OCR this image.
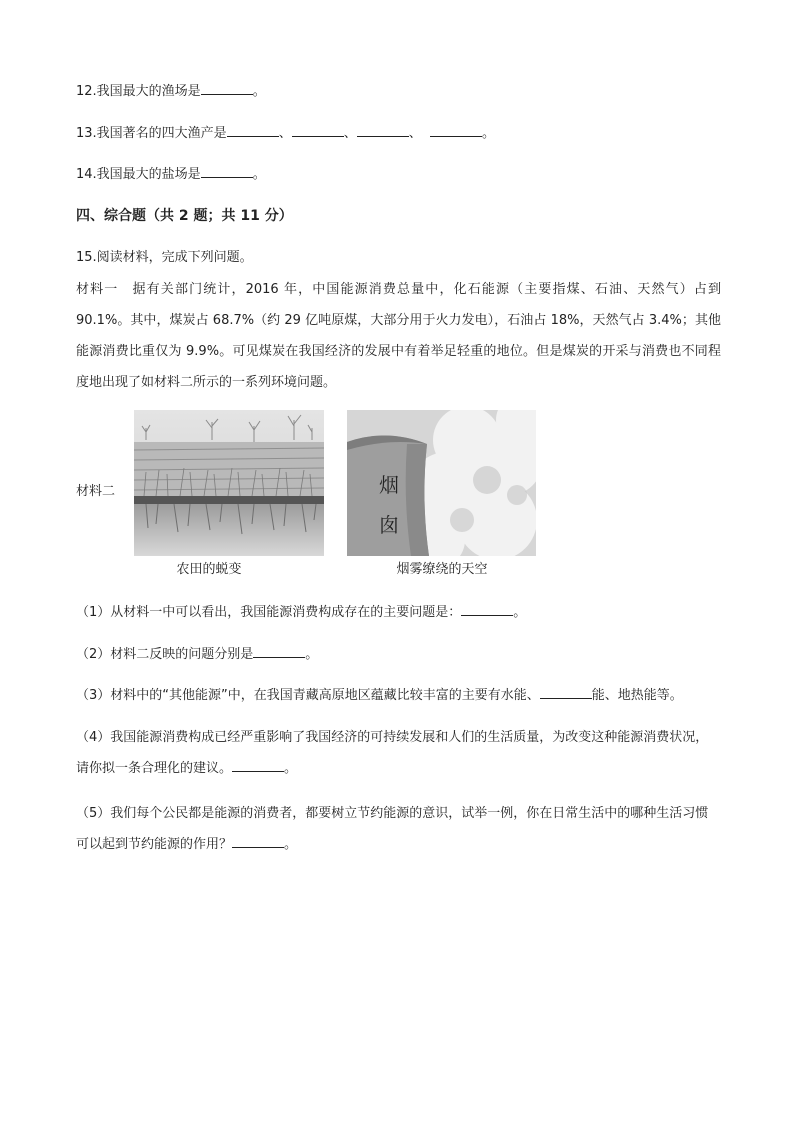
12.我国最大的渔场是	。
13.我国著名的四大渔产是	、	、	、	。
14.我国最大的盐场是	。
四、综合题（共 2 题；共 11 分）
15.阅读材料，完成下列问题。
材料一　据有关部门统计，2016 年，中国能源消费总量中，化石能源（主要指煤、石油、天然气）占到 90.1%。其中，煤炭占 68.7%（约 29 亿吨原煤，大部分用于火力发电），石油占 18%，天然气占 3.4%；其他能源消费比重仅为 9.9%。可见煤炭在我国经济的发展中有着举足轻重的地位。但是煤炭的开采与消费也不同程度地出现了如材料二所示的一系列环境问题。
材料二
农田的蜕变
烟
囱
烟雾缭绕的天空
（1）从材料一中可以看出，我国能源消费构成存在的主要问题是：	。
（2）材料二反映的问题分别是	。
（3）材料中的“其他能源”中，在我国青藏高原地区蕴藏比较丰富的主要有水能、	能、地热能等。
（4）我国能源消费构成已经严重影响了我国经济的可持续发展和人们的生活质量，为改变这种能源消费状况，请你拟一条合理化的建议。	。
（5）我们每个公民都是能源的消费者，都要树立节约能源的意识，试举一例，你在日常生活中的哪种生活习惯可以起到节约能源的作用？	。
